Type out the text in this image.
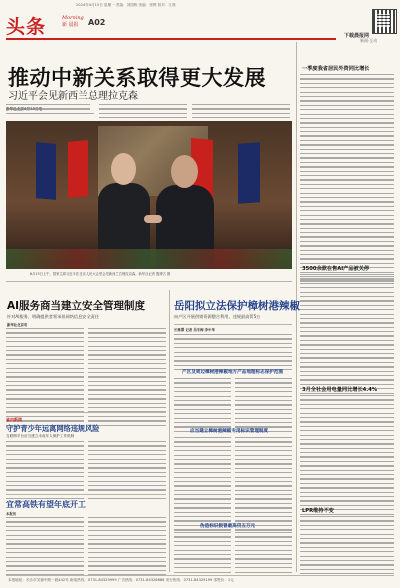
2024年4月15日 星期一 责编：刘国栋 美编：张辉 校对：江燕
头条	Morning
新 晨报 A02
下载晨报网
新闻·互动
推动中新关系取得更大发展
习近平会见新西兰总理拉克森
6月13日上午，国家主席习近平在北京人民大会堂会见新西兰总理拉克森。新华社记者 殷博古 摄
一季度我省居民外资同比增长
3500余款在售AI产品被关停
3月全社会用电量同比增长4.4%
LPR维持不变
AI服务商当建立安全管理制度
针对AI服务，明确提供者须承担网络信息安全责任
新华社北京电
省内新闻
守护青少年远离网络违规风险
互联网平台应当建立未成年人保护工作机制
宜常高铁有望年底开工
本报讯
岳阳拟立法保护樟树港辣椒
向产区开展供销资源整合利用，违规最高罚5万
长株潭 记者 吴冬梅 李中华
产区及周边樟树港辣椒地方产品地理标志保护范围
应当建立樟树港辣椒专用标识管理制度
伪造标识假冒最高罚五万元
本报地址：长沙市芙蓉中路一段442号 新闻热线：0731-84329999 广告热线：0731-84326888 发行热线：0731-84329199 零售价：1元
